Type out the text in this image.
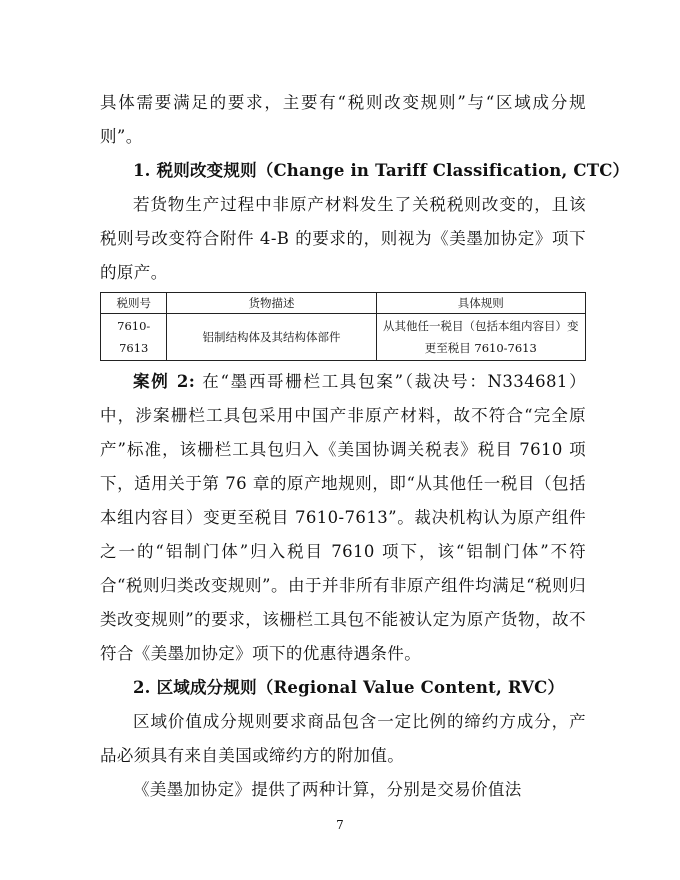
具体需要满足的要求，主要有“税则改变规则”与“区域成分规则”。

1. 税则改变规则（Change in Tariff Classification, CTC）

若货物生产过程中非原产材料发生了关税税则改变的，且该税则号改变符合附件 4-B 的要求的，则视为《美墨加协定》项下的原产。

税则号	货物描述	具体规则
7610-7613	铝制结构体及其结构体部件	从其他任一税目（包括本组内容目）变更至税目 7610-7613

案例 2: 在“墨西哥栅栏工具包案”（裁决号：N334681）中，涉案栅栏工具包采用中国产非原产材料，故不符合“完全原产”标准，该栅栏工具包归入《美国协调关税表》税目 7610 项下，适用关于第 76 章的原产地规则，即“从其他任一税目（包括本组内容目）变更至税目 7610-7613”。裁决机构认为原产组件之一的“铝制门体”归入税目 7610 项下，该“铝制门体”不符合“税则归类改变规则”。由于并非所有非原产组件均满足“税则归类改变规则”的要求，该栅栏工具包不能被认定为原产货物，故不符合《美墨加协定》项下的优惠待遇条件。

2. 区域成分规则（Regional Value Content, RVC）

区域价值成分规则要求商品包含一定比例的缔约方成分，产品必须具有来自美国或缔约方的附加值。

《美墨加协定》提供了两种计算，分别是交易价值法

7
